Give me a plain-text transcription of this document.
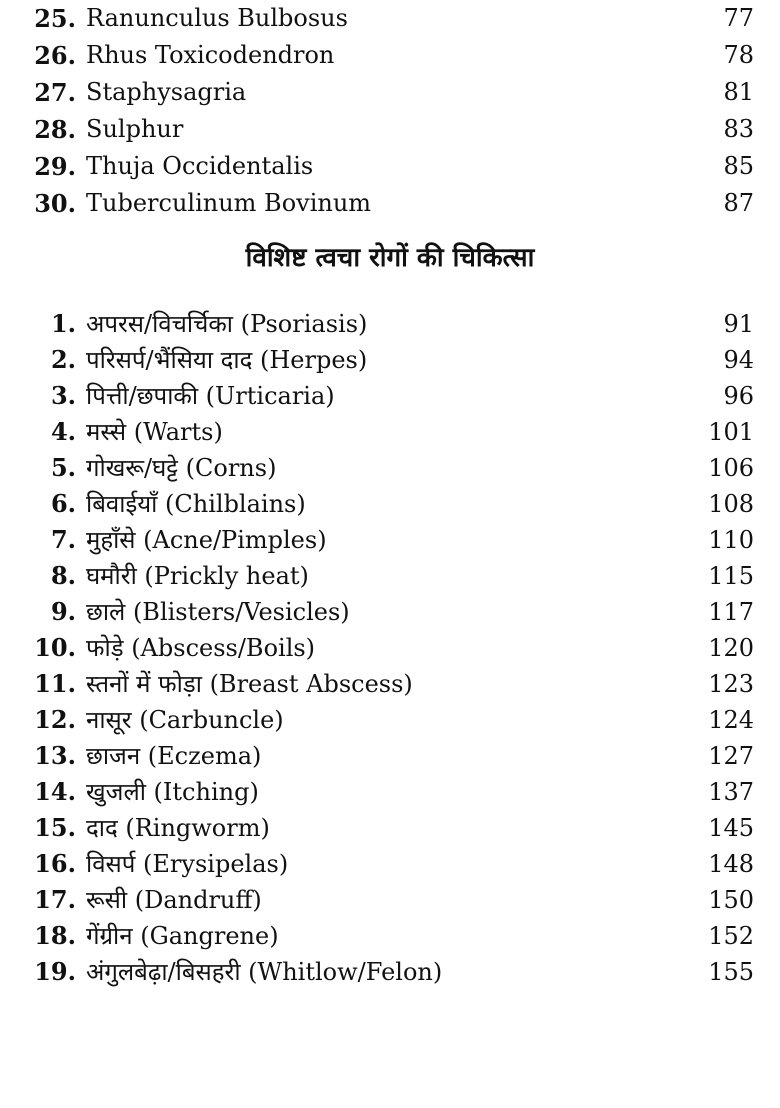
25. Ranunculus Bulbosus	77
26. Rhus Toxicodendron	78
27. Staphysagria	81
28. Sulphur	83
29. Thuja Occidentalis	85
30. Tuberculinum Bovinum	87
विशिष्ट त्वचा रोगों की चिकित्सा
1. अपरस/विचर्चिका (Psoriasis)	91
2. परिसर्प/भैंसिया दाद (Herpes)	94
3. पित्ती/छपाकी (Urticaria)	96
4. मस्से (Warts)	101
5. गोखरू/घट्टे (Corns)	106
6. बिवाईयाँ (Chilblains)	108
7. मुहाँसे (Acne/Pimples)	110
8. घमौरी (Prickly heat)	115
9. छाले (Blisters/Vesicles)	117
10. फोड़े (Abscess/Boils)	120
11. स्तनों में फोड़ा (Breast Abscess)	123
12. नासूर (Carbuncle)	124
13. छाजन (Eczema)	127
14. खुजली (Itching)	137
15. दाद (Ringworm)	145
16. विसर्प (Erysipelas)	148
17. रूसी (Dandruff)	150
18. गेंग्रीन (Gangrene)	152
19. अंगुलबेढ़ा/बिसहरी (Whitlow/Felon)	155
